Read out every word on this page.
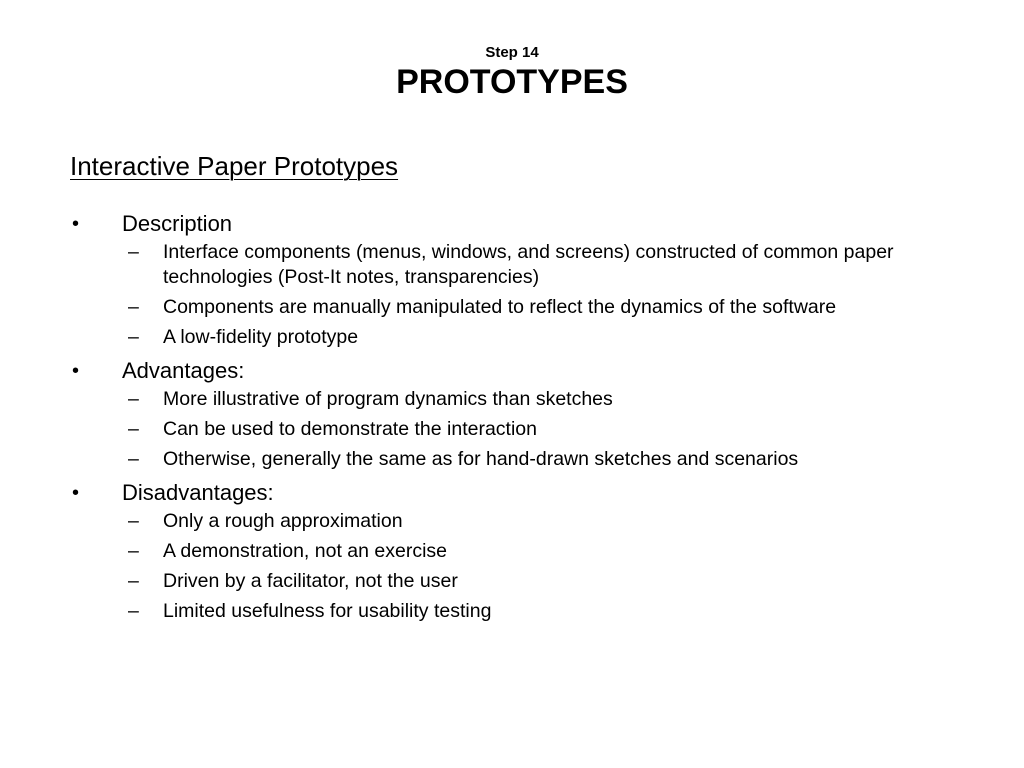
Step 14
PROTOTYPES
Interactive Paper Prototypes
• Description
– Interface components (menus, windows, and screens) constructed of common paper technologies (Post-It notes, transparencies)
– Components are manually manipulated to reflect the dynamics of the software
– A low-fidelity prototype
• Advantages:
– More illustrative of program dynamics than sketches
– Can be used to demonstrate the interaction
– Otherwise, generally the same as for hand-drawn sketches and scenarios
• Disadvantages:
– Only a rough approximation
– A demonstration, not an exercise
– Driven by a facilitator, not the user
– Limited usefulness for usability testing
